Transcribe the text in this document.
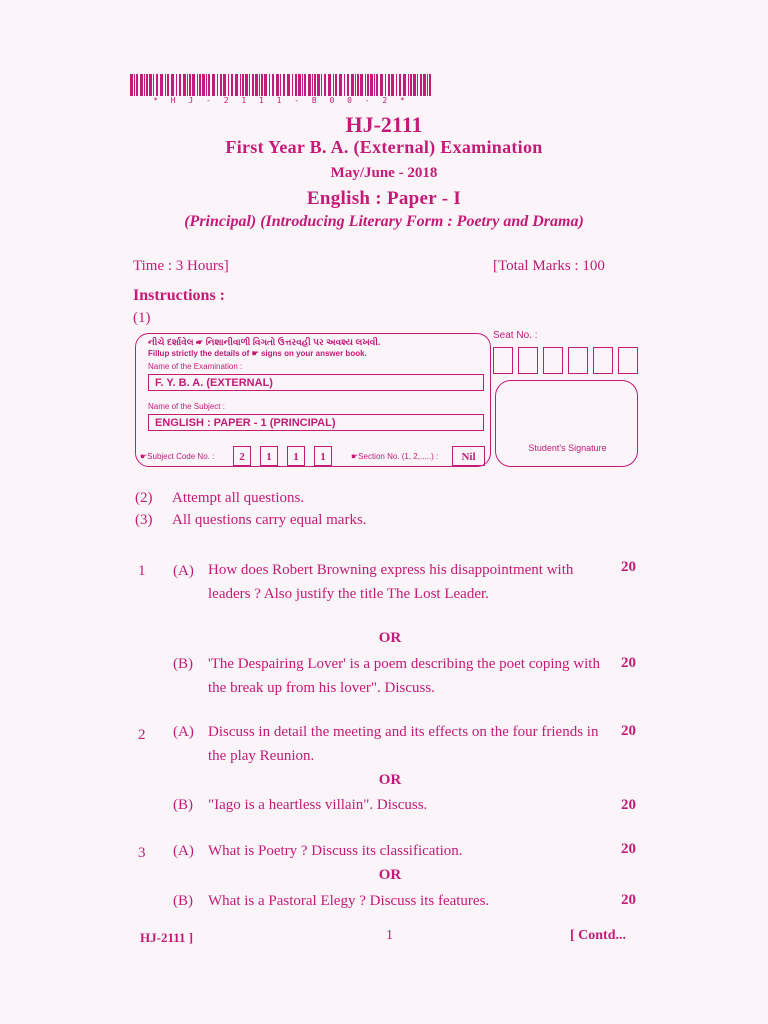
* H J - 2 1 1 1 - B 0 0 - 2 *
HJ-2111
First Year B. A. (External) Examination
May/June - 2018
English : Paper - I
(Principal) (Introducing Literary Form : Poetry and Drama)
Time : 3 Hours]	[Total Marks : 100
Instructions :
(1)
નીચે દર્શાવેલ ☛ નિશાનીવાળી વિગતો ઉત્તરવહી પર અવશ્ય લખવી.
Fillup strictly the details of ☛ signs on your answer book.
Name of the Examination :
F. Y. B. A. (EXTERNAL)
Name of the Subject :
ENGLISH : PAPER - 1 (PRINCIPAL)
☛Subject Code No. :	2	1	1	1	☛Section No. (1, 2,.....) :	Nil
Seat No. :
Student's Signature
(2) Attempt all questions.
(3) All questions carry equal marks.
1 (A) How does Robert Browning express his disappointment with leaders ? Also justify the title The Lost Leader.
20
OR
(B) 'The Despairing Lover' is a poem describing the poet coping with the break up from his lover". Discuss.
20
2 (A) Discuss in detail the meeting and its effects on the four friends in the play Reunion.
20
OR
(B) "Iago is a heartless villain". Discuss.	20
3 (A) What is Poetry ? Discuss its classification.	20
OR
(B) What is a Pastoral Elegy ? Discuss its features.	20
HJ-2111 ]	1	[ Contd...
